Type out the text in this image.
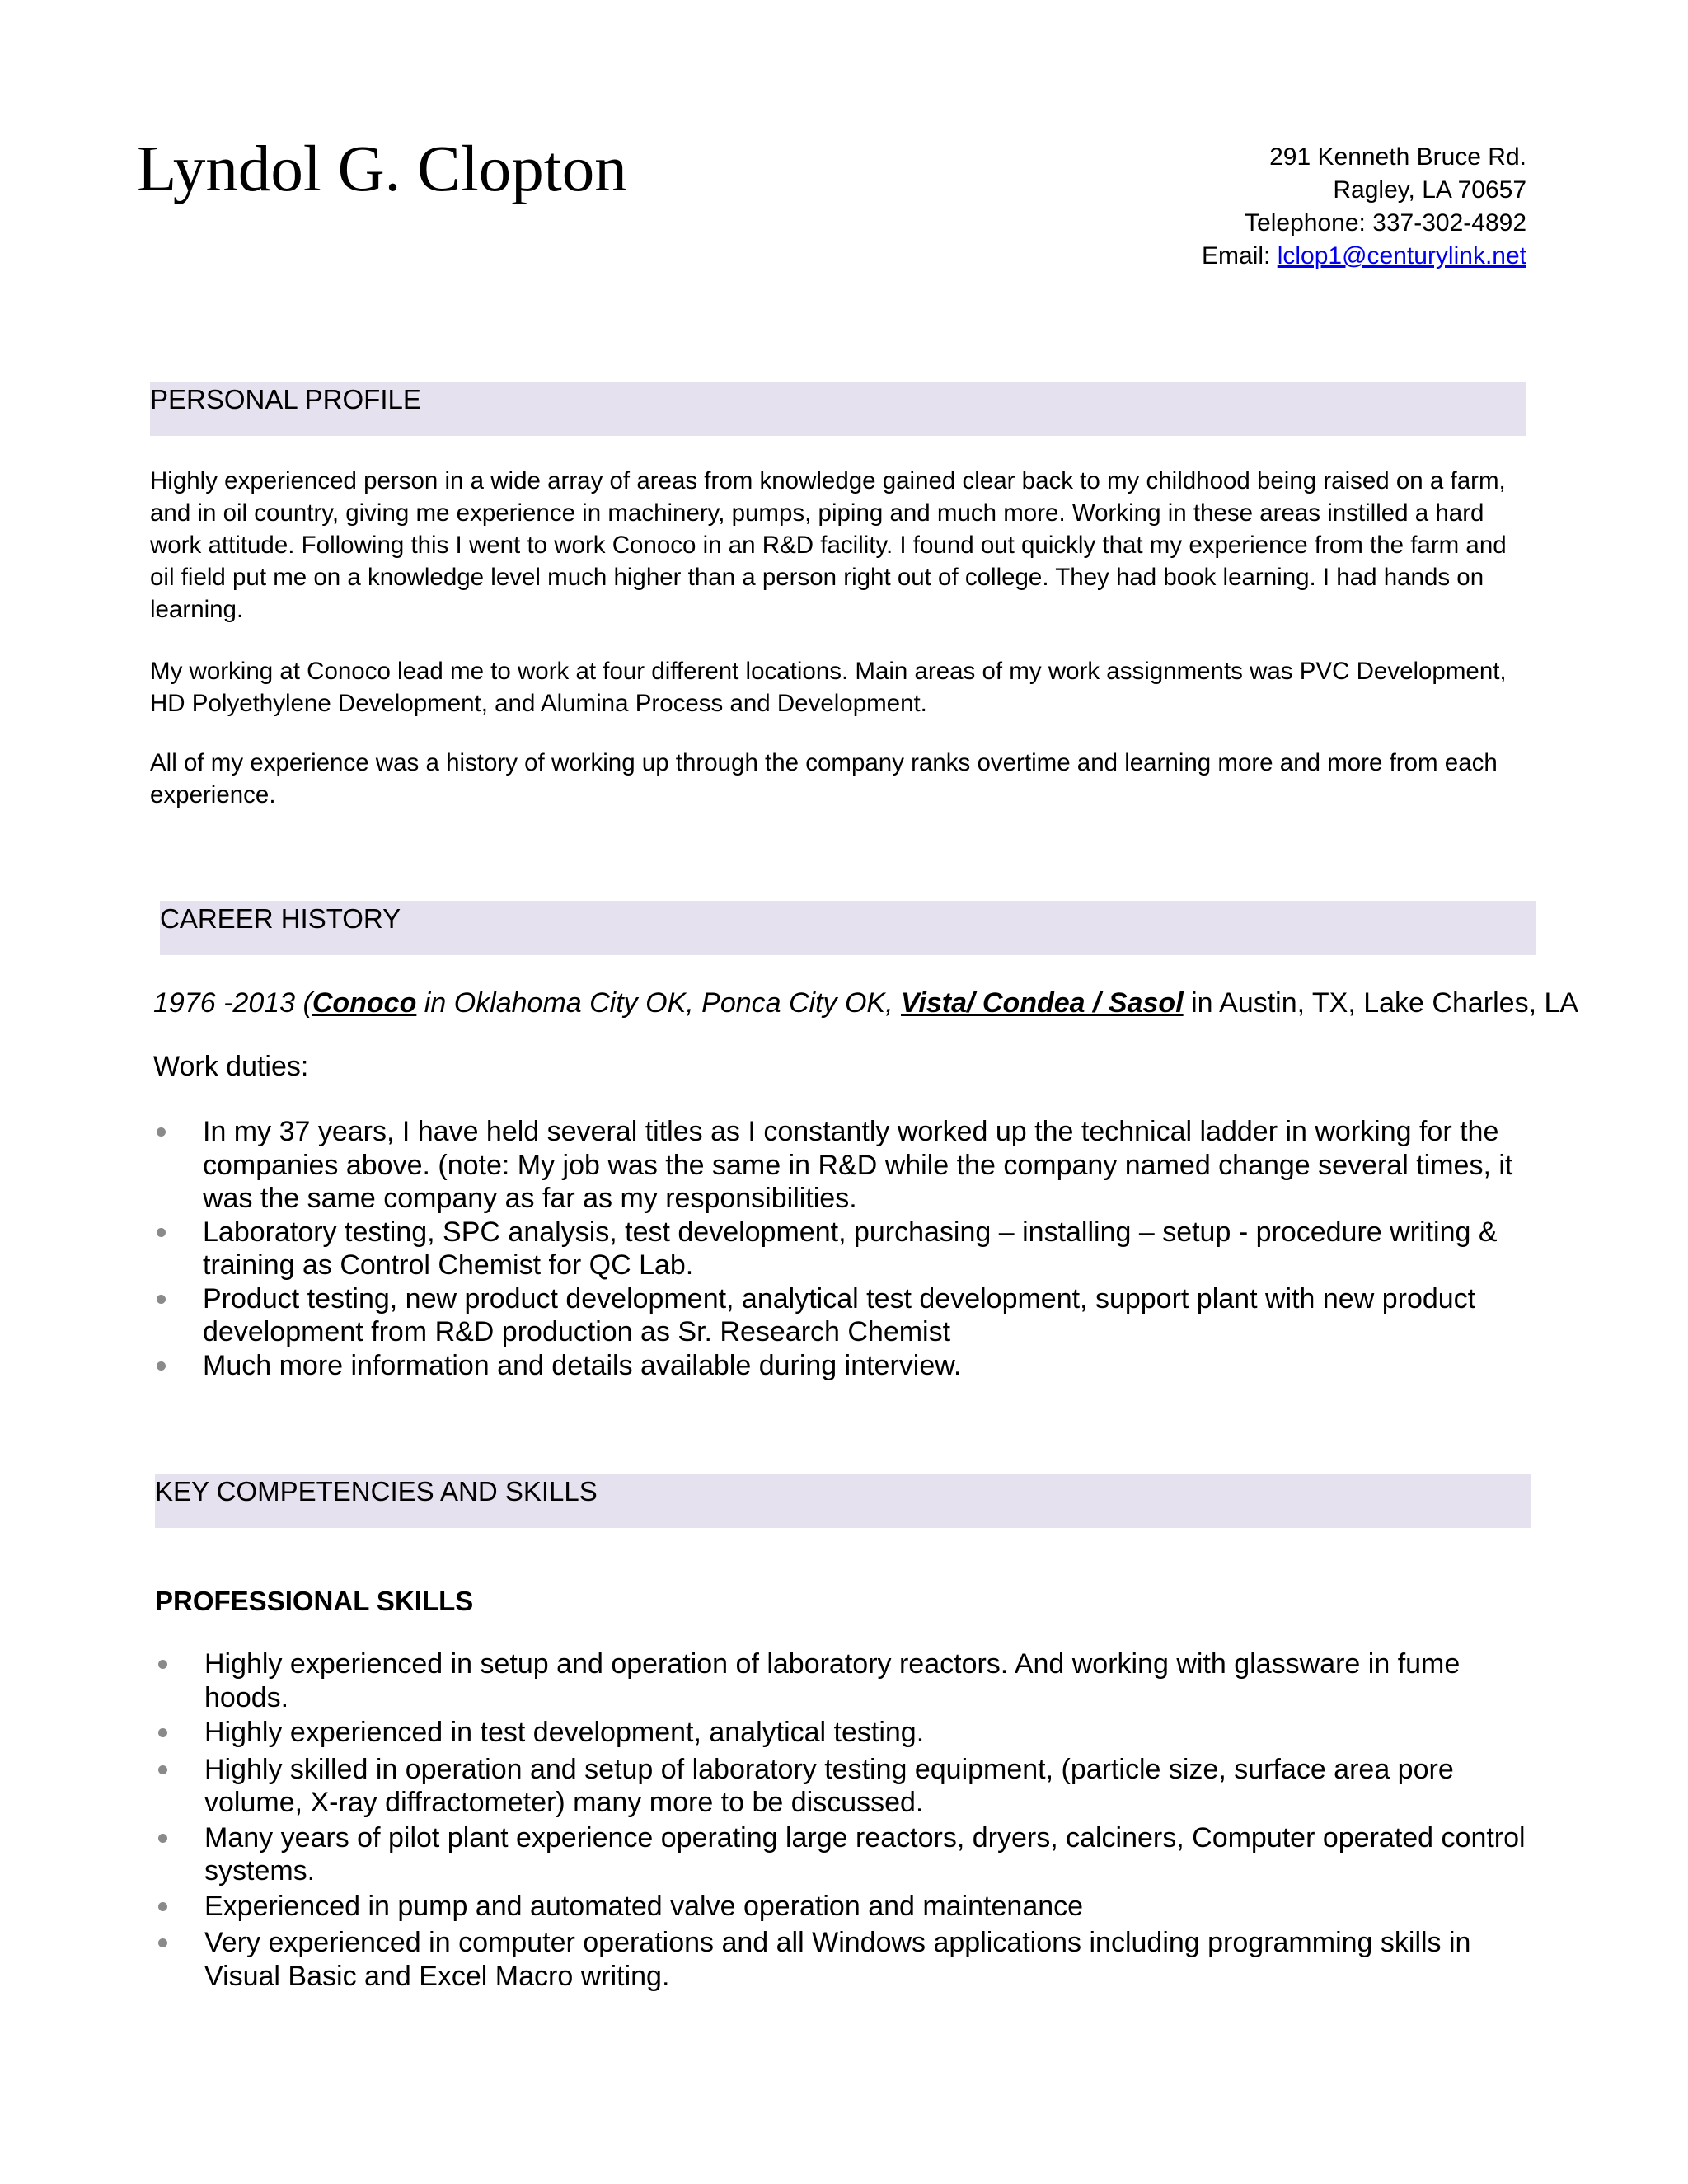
Lyndol G. Clopton	291 Kenneth Bruce Rd.
Ragley, LA 70657
Telephone: 337-302-4892
Email: lclop1@centurylink.net
PERSONAL PROFILE

Highly experienced person in a wide array of areas from knowledge gained clear back to my childhood being raised on a farm, and in oil country, giving me experience in machinery, pumps, piping and much more. Working in these areas instilled a hard work attitude. Following this I went to work Conoco in an R&D facility. I found out quickly that my experience from the farm and oil field put me on a knowledge level much higher than a person right out of college. They had book learning. I had hands on learning.

My working at Conoco lead me to work at four different locations. Main areas of my work assignments was PVC Development, HD Polyethylene Development, and Alumina Process and Development.

All of my experience was a history of working up through the company ranks overtime and learning more and more from each experience.

CAREER HISTORY
1976 -2013 (Conoco in Oklahoma City OK, Ponca City OK, Vista/ Condea / Sasol in Austin, TX, Lake Charles, LA
Work duties:
In my 37 years, I have held several titles as I constantly worked up the technical ladder in working for the companies above. (note: My job was the same in R&D while the company named change several times, it was the same company as far as my responsibilities.
Laboratory testing, SPC analysis, test development, purchasing – installing – setup - procedure writing & training as Control Chemist for QC Lab.
Product testing, new product development, analytical test development, support plant with new product development from R&D production as Sr. Research Chemist
Much more information and details available during interview.
KEY COMPETENCIES AND SKILLS
PROFESSIONAL SKILLS
Highly experienced in setup and operation of laboratory reactors. And working with glassware in fume hoods.
Highly experienced in test development, analytical testing.
Highly skilled in operation and setup of laboratory testing equipment, (particle size, surface area pore volume, X-ray diffractometer) many more to be discussed.
Many years of pilot plant experience operating large reactors, dryers, calciners, Computer operated control systems.
Experienced in pump and automated valve operation and maintenance
Very experienced in computer operations and all Windows applications including programming skills in Visual Basic and Excel Macro writing.
